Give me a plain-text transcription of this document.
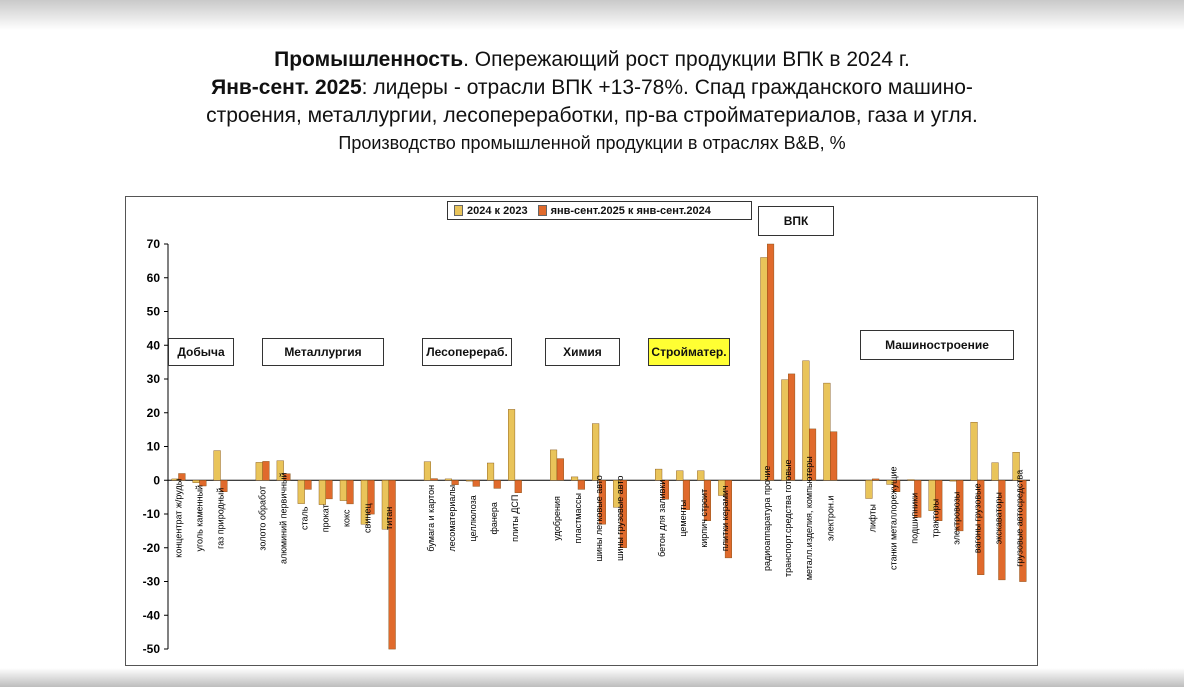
Промышленность. Опережающий рост продукции ВПК в 2024 г.
Янв-сент. 2025: лидеры - отрасли ВПК +13-78%. Спад гражданского машино-
строения, металлургии, лесопереработки, пр-ва стройматериалов, газа и угля.
Производство промышленной продукции в отраслях B&B, %
70
60
50
40
30
20
10
0
-10
-20
-30
-40
-50
концентрат ж/руды уголь каменный газ природный	золото обработ алюминий первичный сталь прокат кокс свинец титан	бумага и картон лесоматериалы целлюлоза фанера плиты ДСП	удобрения пластмассы шины легковые авто шины грузовые авто	бетон для заливки цементы кирпич строит плитки керамич	радиоаппаратура прочие транспорт.средства готовые металл.изделия, компьютеры электрон.и	лифты станки металлорежущие подшипники тракторы электровозы вагоны грузовые экскаваторы грузовые автосредства
2024 к 2023 янв-сент.2025 к янв-сент.2024
Добыча	Металлургия	Лесоперераб.	Химия	Стройматер.
ВПК
Машиностроение
